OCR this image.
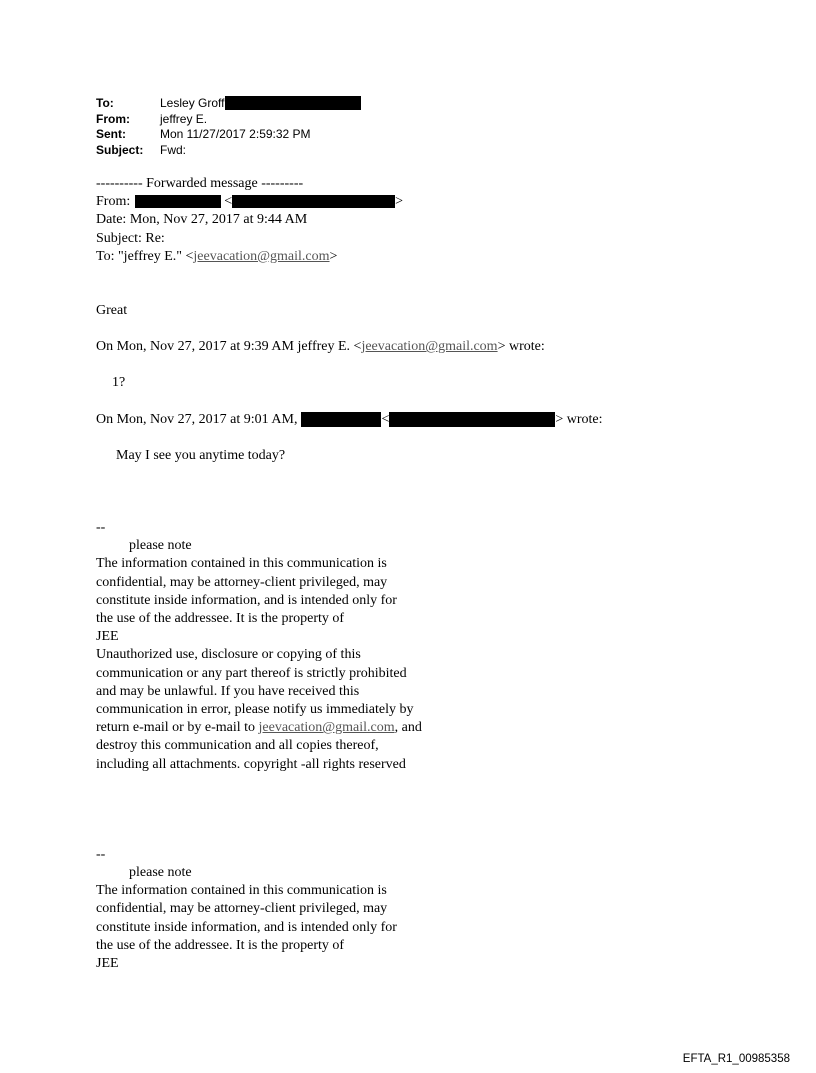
To:	Lesley Groff
From:	jeffrey E.
Sent:	Mon 11/27/2017 2:59:32 PM
Subject:	Fwd:
---------- Forwarded message ---------
From:	<	>
Date: Mon, Nov 27, 2017 at 9:44 AM
Subject: Re:
To: "jeffrey E." <jeevacation@gmail.com>
Great
On Mon, Nov 27, 2017 at 9:39 AM jeffrey E. <jeevacation@gmail.com> wrote:
1?
On Mon, Nov 27, 2017 at 9:01 AM,	<	> wrote:
May I see you anytime today?
--
please note
The information contained in this communication is
confidential, may be attorney-client privileged, may
constitute inside information, and is intended only for
the use of the addressee. It is the property of
JEE
Unauthorized use, disclosure or copying of this
communication or any part thereof is strictly prohibited
and may be unlawful. If you have received this
communication in error, please notify us immediately by
return e-mail or by e-mail to jeevacation@gmail.com, and
destroy this communication and all copies thereof,
including all attachments. copyright -all rights reserved
--
please note
The information contained in this communication is
confidential, may be attorney-client privileged, may
constitute inside information, and is intended only for
the use of the addressee. It is the property of
JEE
EFTA_R1_00985358
